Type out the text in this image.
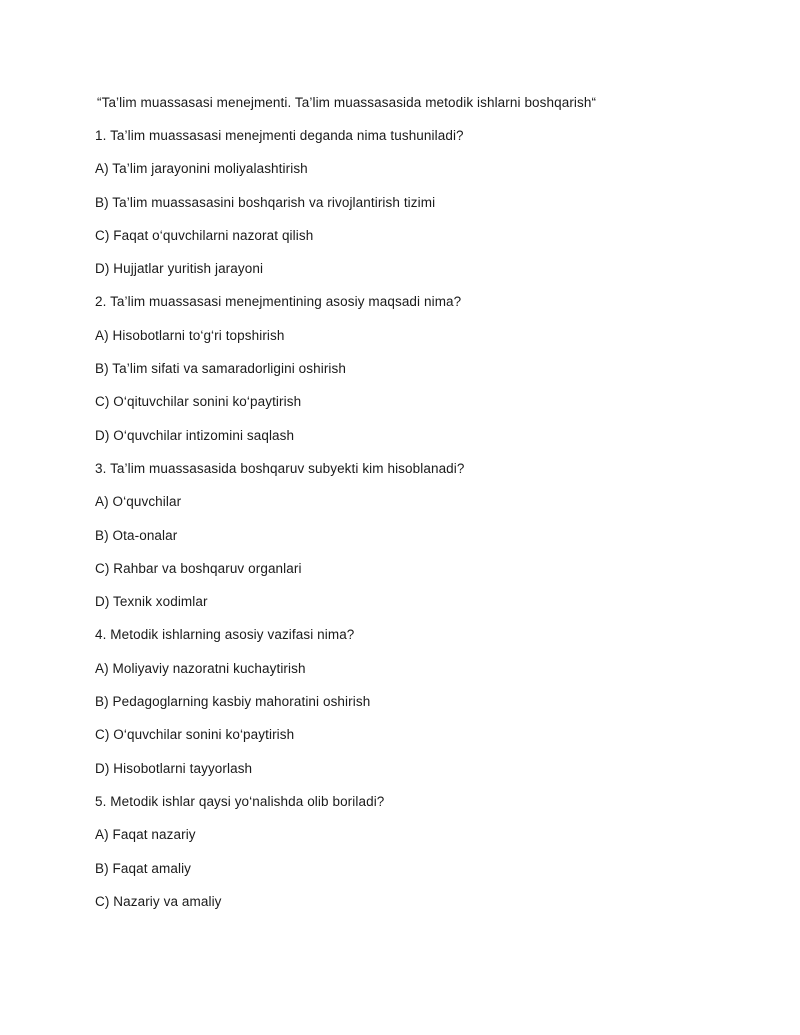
“Ta’lim muassasasi menejmenti. Ta’lim muassasasida metodik ishlarni boshqarish“
1. Ta’lim muassasasi menejmenti deganda nima tushuniladi?
A) Ta’lim jarayonini moliyalashtirish
B) Ta’lim muassasasini boshqarish va rivojlantirish tizimi
C) Faqat o‘quvchilarni nazorat qilish
D) Hujjatlar yuritish jarayoni
2. Ta’lim muassasasi menejmentining asosiy maqsadi nima?
A) Hisobotlarni to‘g‘ri topshirish
B) Ta’lim sifati va samaradorligini oshirish
C) O‘qituvchilar sonini ko‘paytirish
D) O‘quvchilar intizomini saqlash
3. Ta’lim muassasasida boshqaruv subyekti kim hisoblanadi?
A) O‘quvchilar
B) Ota-onalar
C) Rahbar va boshqaruv organlari
D) Texnik xodimlar
4. Metodik ishlarning asosiy vazifasi nima?
A) Moliyaviy nazoratni kuchaytirish
B) Pedagoglarning kasbiy mahoratini oshirish
C) O‘quvchilar sonini ko‘paytirish
D) Hisobotlarni tayyorlash
5. Metodik ishlar qaysi yo‘nalishda olib boriladi?
A) Faqat nazariy
B) Faqat amaliy
C) Nazariy va amaliy
